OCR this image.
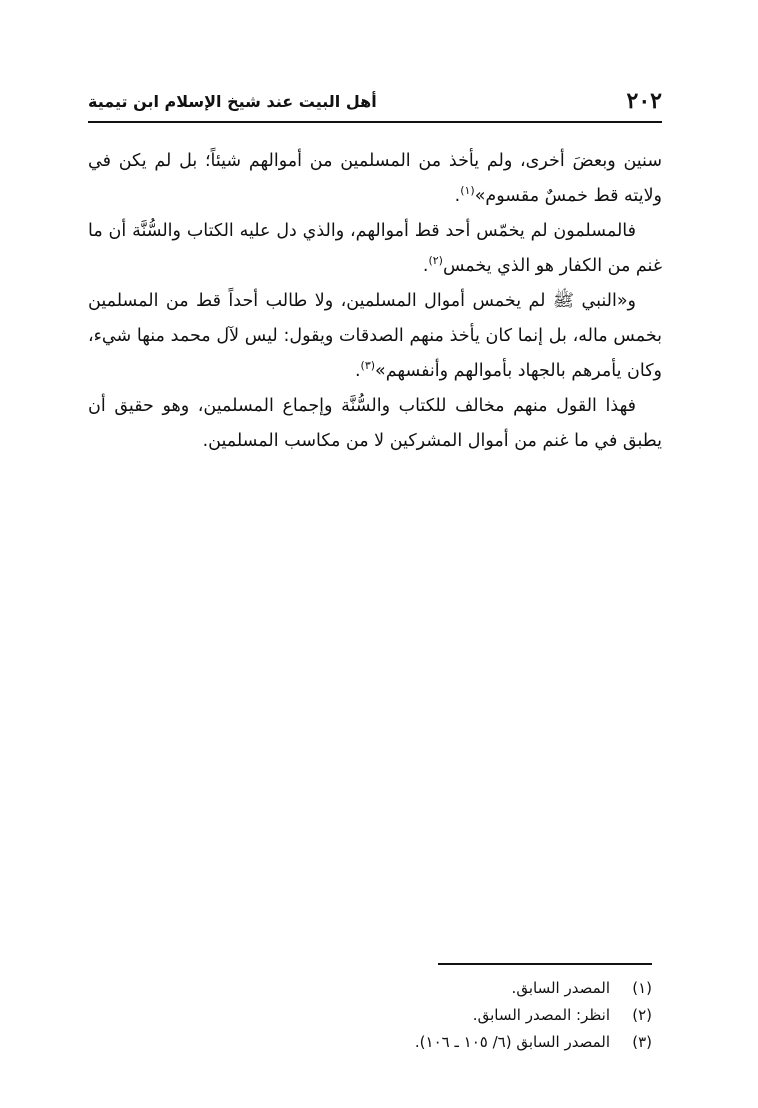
٢٠٢
أهل البيت عند شيخ الإسلام ابن تيمية

سنين وبعضَ أخرى، ولم يأخذ من المسلمين من أموالهم شيئاً؛ بل لم يكن في ولايته قط خمسٌ مقسوم»$^{(١)}$.

فالمسلمون لم يخمّس أحد قط أموالهم، والذي دل عليه الكتاب والسُّنَّة أن ما غنم من الكفار هو الذي يخمس$^{(٢)}$.

و«النبي ﷺ لم يخمس أموال المسلمين، ولا طالب أحداً قط من المسلمين بخمس ماله، بل إنما كان يأخذ منهم الصدقات ويقول: ليس لآل محمد منها شيء، وكان يأمرهم بالجهاد بأموالهم وأنفسهم»$^{(٣)}$.

فهذا القول منهم مخالف للكتاب والسُّنَّة وإجماع المسلمين، وهو حقيق أن يطبق في ما غنم من أموال المشركين لا من مكاسب المسلمين.

(١)
المصدر السابق.
(٢)
انظر: المصدر السابق.
(٣)
المصدر السابق (٦/ ١٠٥ ـ ١٠٦).
